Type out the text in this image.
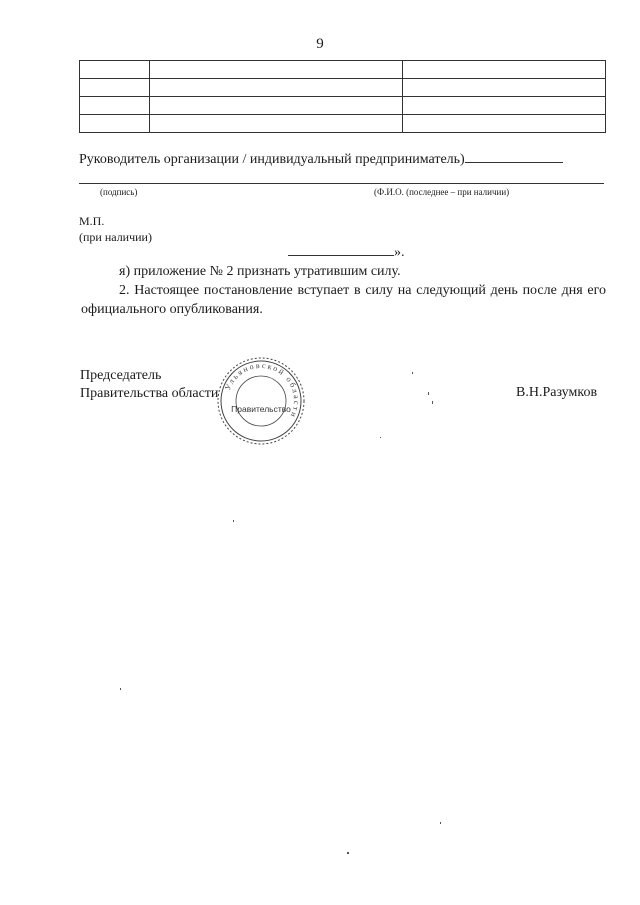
9

Руководитель организации / индивидуальный предприниматель)
(подпись)	(Ф.И.О. (последнее – при наличии)
М.П.
(при наличии)
».
я) приложение № 2 признать утратившим силу.
2. Настоящее постановление вступает в силу на следующий день после дня его официального опубликования.
Председатель
Правительства области	В.Н.Разумков
Ульяновской области
Правительство
